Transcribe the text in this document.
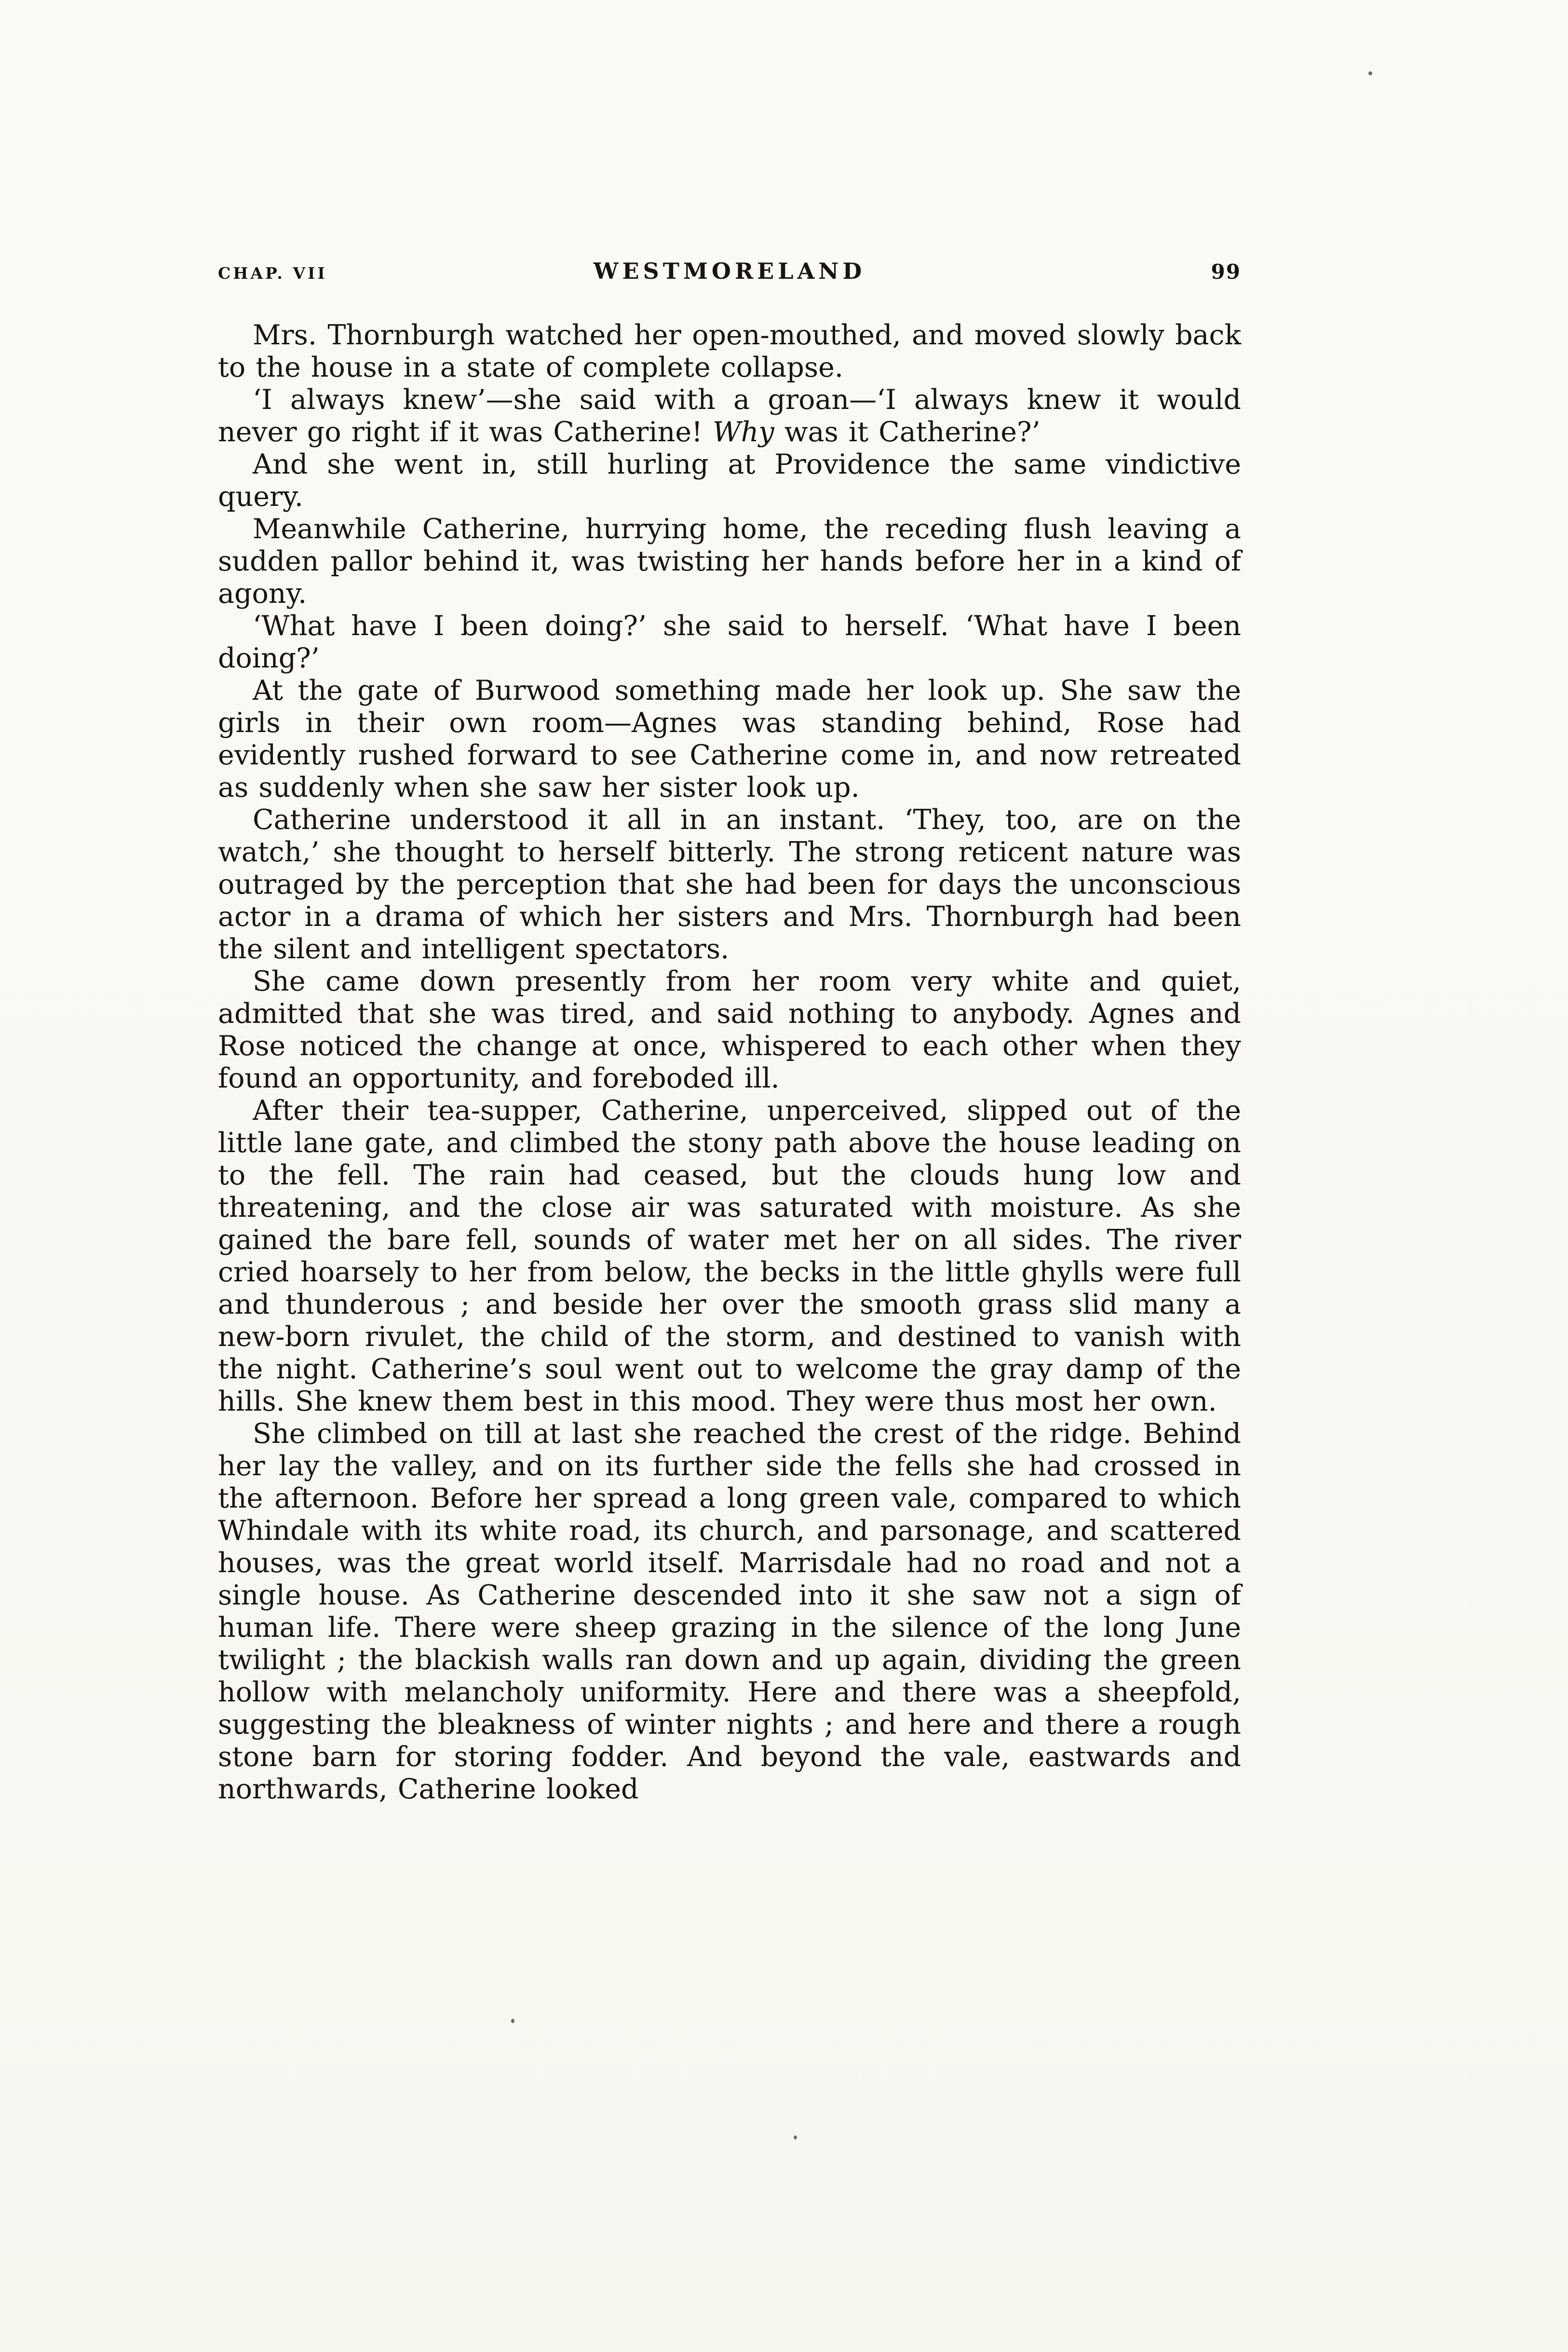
CHAP. VII	WESTMORELAND	99

Mrs. Thornburgh watched her open-mouthed, and moved slowly back to the house in a state of complete collapse.

‘I always knew’—she said with a groan—‘I always knew it would never go right if it was Catherine! Why was it Catherine?’

And she went in, still hurling at Providence the same vindictive query.

Meanwhile Catherine, hurrying home, the receding flush leaving a sudden pallor behind it, was twisting her hands before her in a kind of agony.

‘What have I been doing?’ she said to herself. ‘What have I been doing?’

At the gate of Burwood something made her look up. She saw the girls in their own room—Agnes was standing behind, Rose had evidently rushed forward to see Catherine come in, and now retreated as suddenly when she saw her sister look up.

Catherine understood it all in an instant. ‘They, too, are on the watch,’ she thought to herself bitterly. The strong reticent nature was outraged by the perception that she had been for days the unconscious actor in a drama of which her sisters and Mrs. Thornburgh had been the silent and intelligent spectators.

She came down presently from her room very white and quiet, admitted that she was tired, and said nothing to anybody. Agnes and Rose noticed the change at once, whispered to each other when they found an opportunity, and foreboded ill.

After their tea-supper, Catherine, unperceived, slipped out of the little lane gate, and climbed the stony path above the house leading on to the fell. The rain had ceased, but the clouds hung low and threatening, and the close air was saturated with moisture. As she gained the bare fell, sounds of water met her on all sides. The river cried hoarsely to her from below, the becks in the little ghylls were full and thunderous ; and beside her over the smooth grass slid many a new-born rivulet, the child of the storm, and destined to vanish with the night. Catherine’s soul went out to welcome the gray damp of the hills. She knew them best in this mood. They were thus most her own.

She climbed on till at last she reached the crest of the ridge. Behind her lay the valley, and on its further side the fells she had crossed in the afternoon. Before her spread a long green vale, compared to which Whindale with its white road, its church, and parsonage, and scattered houses, was the great world itself. Marrisdale had no road and not a single house. As Catherine descended into it she saw not a sign of human life. There were sheep grazing in the silence of the long June twilight ; the blackish walls ran down and up again, dividing the green hollow with melancholy uniformity. Here and there was a sheepfold, suggesting the bleakness of winter nights ; and here and there a rough stone barn for storing fodder. And beyond the vale, eastwards and northwards, Catherine looked
